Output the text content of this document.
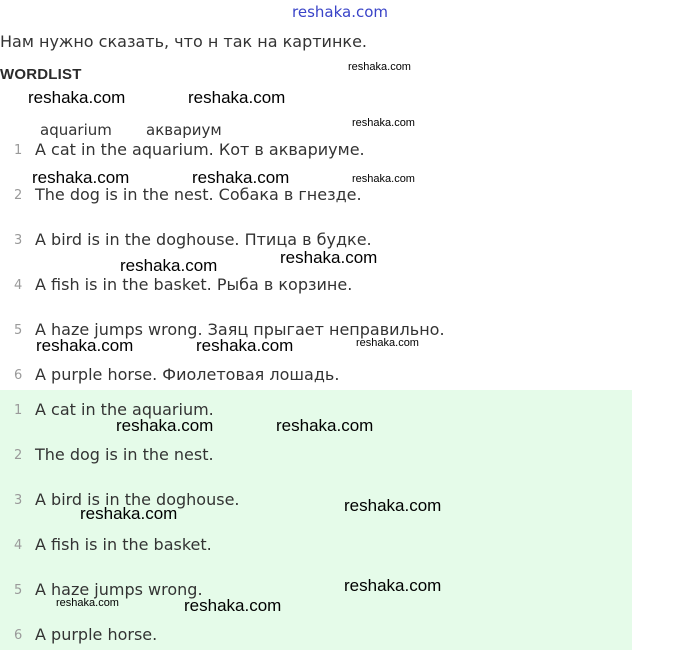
reshaka.com
Нам нужно сказать, что н так на картинке.
WORDLIST
aquarium аквариум
1 A cat in the aquarium. Кот в аквариуме.
2 The dog is in the nest. Собака в гнезде.
3 A bird is in the doghouse. Птица в будке.
4 A fish is in the basket. Рыба в корзине.
5 A haze jumps wrong. Заяц прыгает неправильно.
6 A purple horse. Фиолетовая лошадь.
1 A cat in the aquarium.
2 The dog is in the nest.
3 A bird is in the doghouse.
4 A fish is in the basket.
5 A haze jumps wrong.
6 A purple horse.
reshaka.com
reshaka.com	reshaka.com
reshaka.com
reshaka.com	reshaka.com	reshaka.com
reshaka.com
reshaka.com
reshaka.com	reshaka.com	reshaka.com
reshaka.com	reshaka.com
reshaka.com
reshaka.com
reshaka.com
reshaka.com	reshaka.com
